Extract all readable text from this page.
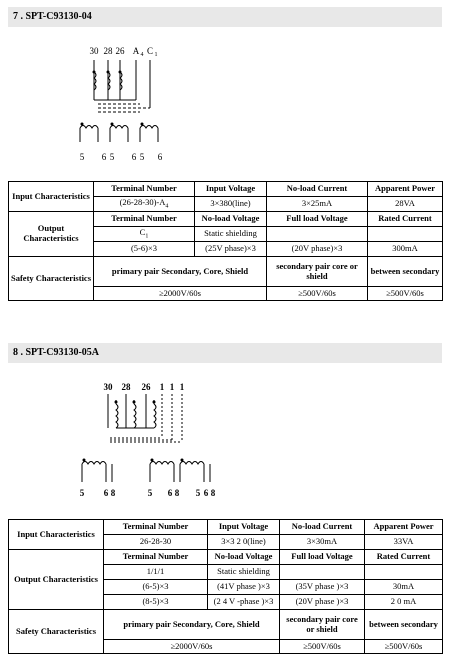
7 . SPT-C93130-04
30 28 26 A 4 C 1
5 6 5 6 5 6
Input Characteristics	Terminal Number	Input Voltage	No-load Current	Apparent Power
	$(26-28-30)-A_4$	3×380(line)	3×25mA	28VA
Output Characteristics	Terminal Number	No-load Voltage	Full load Voltage	Rated Current
	$C_1$	Static shielding		
	(5-6)×3	(25V phase)×3	(20V phase)×3	300mA
Safety Characteristics	primary pair Secondary, Core, Shield		secondary pair core or shield	between secondary
	≥2000V/60s		≥500V/60s	≥500V/60s
8 . SPT-C93130-05A
30 28 26 1 1 1
5 6 8	5 6 8 5 6 8
Input Characteristics	Terminal Number	Input Voltage	No-load Current	Apparent Power
	26-28-30	3×3 2 0(line)	3×30mA	33VA
Output Characteristics	Terminal Number	No-load Voltage	Full load Voltage	Rated Current
	1/1/1	Static shielding		
	(6-5)×3	(41V phase )×3	(35V phase )×3	30mA
	(8-5)×3	(2 4 V -phase )×3	(20V phase )×3	2 0 mA
Safety Characteristics	primary pair Secondary, Core, Shield		secondary pair core or shield	between secondary
	≥2000V/60s		≥500V/60s	≥500V/60s
